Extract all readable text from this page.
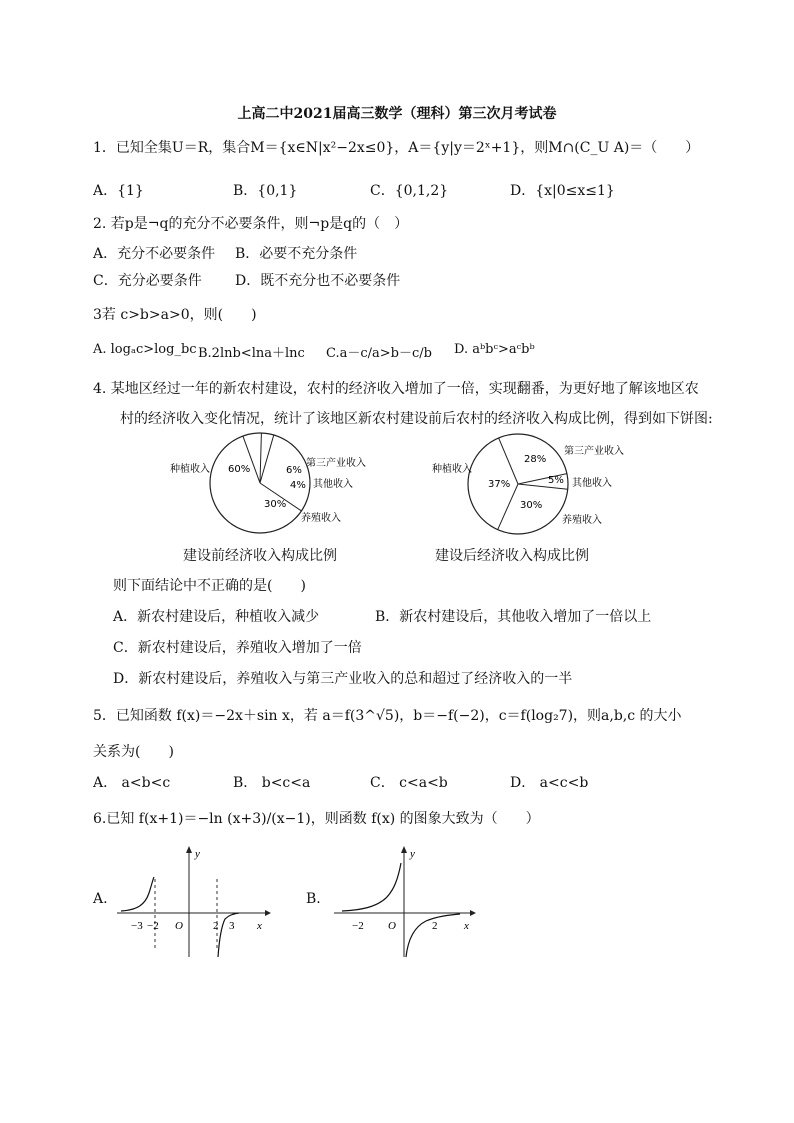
上高二中2021届高三数学（理科）第三次月考试卷
1．已知全集U＝R，集合M＝{x∈N|x²−2x≤0}，A＝{y|y＝2ˣ+1}，则M∩(C_U A)＝（　　）
A．{1}	B．{0,1}	C．{0,1,2}	D．{x|0≤x≤1}
2. 若p是¬q的充分不必要条件，则¬p是q的（　）
A．充分不必要条件 B．必要不充分条件
C．充分必要条件 D．既不充分也不必要条件
3若 c>b>a>0，则(　　)
A. logₐc>log_bc B.2lnb<lna＋lnc C.a－c/a>b－c/b D. aᵇbᶜ>aᶜbᵇ
4. 某地区经过一年的新农村建设，农村的经济收入增加了一倍，实现翻番，为更好地了解该地区农
村的经济收入变化情况，统计了该地区新农村建设前后农村的经济收入构成比例，得到如下饼图:
种植收入
第三产业收入
其他收入
养殖收入
60%	6%
4%
30%
种植收入
第三产业收入
其他收入
养殖收入
37%
28%
5%
30%
建设前经济收入构成比例	建设后经济收入构成比例
则下面结论中不正确的是(　　)
A．新农村建设后，种植收入减少	B．新农村建设后，其他收入增加了一倍以上
C．新农村建设后，养殖收入增加了一倍
D．新农村建设后，养殖收入与第三产业收入的总和超过了经济收入的一半
5．已知函数 f(x)＝−2x＋sin x，若 a＝f(3^√5)，b＝−f(−2)，c＝f(log₂7)，则a,b,c 的大小
关系为(　　)
A． a<b<c	B． b<c<a	C． c<a<b	D． a<c<b
6.已知 f(x+1)＝−ln (x+3)/(x−1)，则函数 f(x) 的图象大致为（　　）
A.	B.
y
x
−3 −2 O	2 3
y
x
−2 O	2
